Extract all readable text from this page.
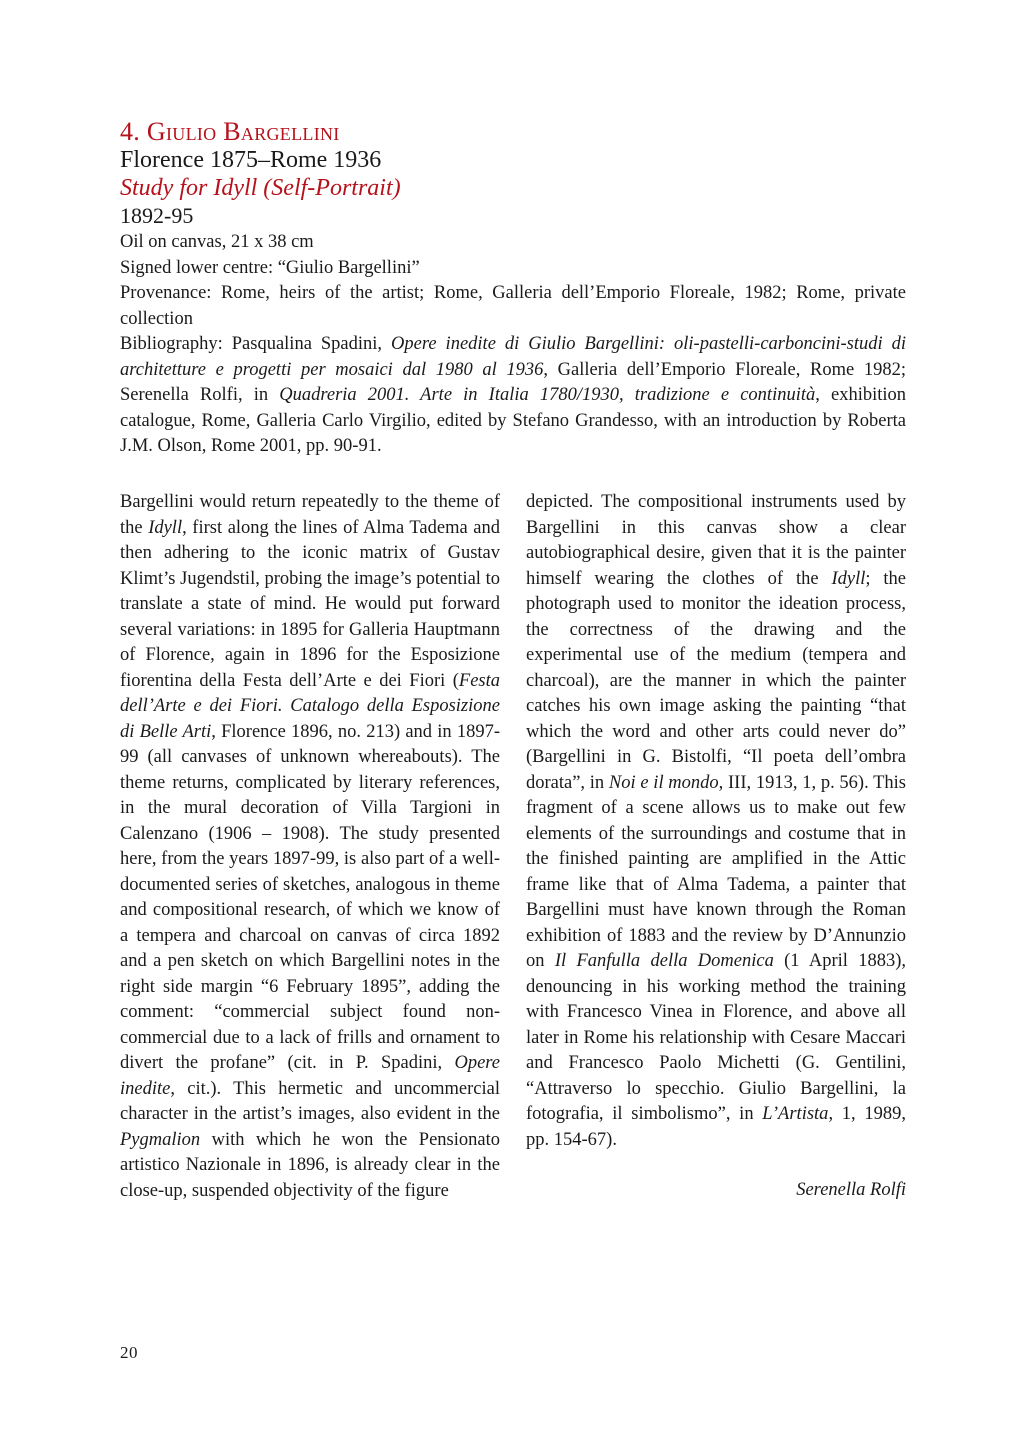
4. Giulio Bargellini

Florence 1875–Rome 1936

Study for Idyll (Self-Portrait)

1892-95

Oil on canvas, 21 x 38 cm

Signed lower centre: “Giulio Bargellini”

Provenance: Rome, heirs of the artist; Rome, Galleria dell’Emporio Floreale, 1982; Rome, private collection

Bibliography: Pasqualina Spadini, Opere inedite di Giulio Bargellini: oli-pastelli-carboncini-studi di architetture e progetti per mosaici dal 1980 al 1936, Galleria dell’Emporio Floreale, Rome 1982; Serenella Rolfi, in Quadreria 2001. Arte in Italia 1780/1930, tradizione e continuità, exhibition catalogue, Rome, Galleria Carlo Virgilio, edited by Stefano Grandesso, with an introduction by Roberta J.M. Olson, Rome 2001, pp. 90-91.

Bargellini would return repeatedly to the theme of the Idyll, first along the lines of Alma Tadema and then adhering to the iconic matrix of Gustav Klimt’s Jugendstil, probing the image’s potential to translate a state of mind. He would put forward several variations: in 1895 for Galleria Hauptmann of Florence, again in 1896 for the Esposizione fiorentina della Festa dell’Arte e dei Fiori (Festa dell’Arte e dei Fiori. Catalogo della Esposizione di Belle Arti, Florence 1896, no. 213) and in 1897-99 (all canvases of unknown whereabouts). The theme returns, complicated by literary references, in the mural decoration of Villa Targioni in Calenzano (1906 – 1908). The study presented here, from the years 1897-99, is also part of a well-documented series of sketches, analogous in theme and compositional research, of which we know of a tempera and charcoal on canvas of circa 1892 and a pen sketch on which Bargellini notes in the right side margin “6 February 1895”, adding the comment: “commercial subject found non-commercial due to a lack of frills and ornament to divert the profane” (cit. in P. Spadini, Opere inedite, cit.). This hermetic and uncommercial character in the artist’s images, also evident in the Pygmalion with which he won the Pensionato artistico Nazionale in 1896, is already clear in the close-up, suspended objectivity of the figure

depicted. The compositional instruments used by Bargellini in this canvas show a clear autobiographical desire, given that it is the painter himself wearing the clothes of the Idyll; the photograph used to monitor the ideation process, the correctness of the drawing and the experimental use of the medium (tempera and charcoal), are the manner in which the painter catches his own image asking the painting “that which the word and other arts could never do” (Bargellini in G. Bistolfi, “Il poeta dell’ombra dorata”, in Noi e il mondo, III, 1913, 1, p. 56). This fragment of a scene allows us to make out few elements of the surroundings and costume that in the finished painting are amplified in the Attic frame like that of Alma Tadema, a painter that Bargellini must have known through the Roman exhibition of 1883 and the review by D’Annunzio on Il Fanfulla della Domenica (1 April 1883), denouncing in his working method the training with Francesco Vinea in Florence, and above all later in Rome his relationship with Cesare Maccari and Francesco Paolo Michetti (G. Gentilini, “Attraverso lo specchio. Giulio Bargellini, la fotografia, il simbolismo”, in L’Artista, 1, 1989, pp. 154-67).

Serenella Rolfi

20
